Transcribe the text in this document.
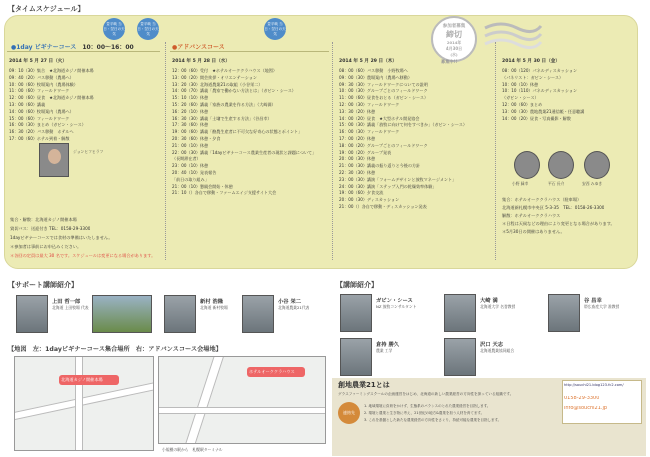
【タイムスケジュール】
豊平峡 当日・翌日の天気
豊平峡 当日・翌日の天気
●1day ビギナーコース　 10：00～16：00
2014 年 5 月 27 日（火）
09：10（30）集合　★北海道カジノ開催本場
09：40（20）バス移動（農場へ）
10：00（60）牧場案内（農場体験）
11：00（60）フィールドワーク
12：00（60）昼食　★北海道カジノ開催本場
13：00（60）講義
14：00（60）牧場案内（農場へ）
15：00（60）フィールドワーク
16：00（30）まとめ（ガビン・シース）
16：30（20）バス移動　ホテルへ
17：00（60）ホテル到着・解散
ジョンヒフヒラフ
集合・解散：北海道カジノ開催本場
貸切バス：送迎付き TEL：0158-29-3300
1dayビギナーコースでは食材の準備はいたしません。
＊参加者は事前にお申込みください。
＊各回の定員は最大 30 名です。スケジュールは変更になる場合があります。
豊平峡 当日・翌日の天気
●アドバンスコース
2014 年 5 月 28 日（水）
12：00（60）受付　★ホテルオーククラハウス（地図）
13：00（20）開会挨拶・オリエンテーション
13：20（30）北海道農業21の取組（小谷栄二）
14：00（70）講義「農家で働かない方法とは」（ガビン・シース）
15：10（10）休憩
15：20（60）講義「家族の農業を作る方法」（大崎満）
16：20（10）休憩
16：30（30）講義「土壌で生産する方法」（谷昌幸）
17：30（60）休憩
19：00（60）講義「酪農生産者に不可欠な好奇心の状態とポイント」
20：30（60）休憩・夕食
21：00（10）休憩
22：00（30）講義「1dayビギナーコース農業生産者の現状と課題について」
（長期滞在者）
23：00（10）休憩
20：40（10）発表報告
「前日の取り組み」
21：00（10）懇親会開始・休憩
21：10（）各自で移動・ファームエイジ支援サイト大会
2014 年 5 月 29 日（木）
08：00（60）バス移動　小野牧場へ
09：00（30）農場案内（農場へ移動）
09：30（30）フィールドワークについての説明
10：00（30）グループごとのフィールドワーク
11：00（60）昼食をおとる（ガビン・シース）
12：00（30）フィールドワーク
13：30（20）休憩
14：00（20）昼食　★大型ホテル開発協会
15：00（30）講義「放牧に向けて何をすべきか」（ガビン・シース）
16：00（30）フィールドワーク
17：00（20）休憩
18：00（20）グループごとのフィールドワーク
19：00（20）グループ発表
20：00（30）休憩
21：00（30）講義の振り返りと今後の方針
22：30（30）休憩
23：00（30）講演「フォームデザインと放牧マネージメント」
24：00（30）講演「ステップ入門の乾燥効率体験」
19：00（60）夕食交流
20：00（30）ディスカッション
21：00（）各自で移動・ディスカッション発表
参加者募集
締切
2014年
4月30日
(水)
募集中!!	2014 年 5 月 30 日（金）
08：00（120）パネルディスカッション
（パネリスト：ガビン・シース）
10：00（10）休憩
10：10（110）パネルディスカッション
（ガビン・シース）
12：00（60）まとめ
13：00（30）農地農業21通信帳・任意聴講
14：00（20）昼食・写真撮影・解散
小野 緑幸	平石 長介	安西 みゆき
集合：ホテルオーククラハウス（駐車場）
北海道新札幌市中央区 5-3-35　TEL：0158-26-3300
解散：ホテルオーククラハウス
＊日程は天候などの理由により変更となる場合があります。
＊5月30日の開催はありません。
【サポート講師紹介】
上田 哲一郎
北海道 上田牧場 代表
新村 浩隆
北海道 新村牧場
小谷 栄二
北海道農業21代表
【地図　左：1dayビギナーコース集合場所　右：アドバンスコース会場地】
北海道カジノ開催本場
ホテルオーククラハウス
小規模の駅から　札幌駅ターミナル
【講師紹介】
ガビン・シース
NZ 放牧コンサルタント
大崎 満
北海道大学 名誉教授
谷 昌幸
帯広畜産大学 准教授
倉持 勝久
農業 工学
沢口 天志
北海道農業協同組合
創地農業21とは
グラスファーミングスクールの企画運営をはじめ、北海道の新しい農業経営の方向性を探っている組織です。
連絡先
1. 地域環境に負荷をかけず、生態系のバランスのとれた農業経営を目指します。
2. 環境と農業と生き物に考え、21世紀の地方&農業を担う人材を育てます。
3. これを基盤とした新たな農業経営の方向性をさぐり、持続可能な農業を目指します。
http://souchi21.blog123.fc2.com/
0158-29-3300
info@souchi21.jp
